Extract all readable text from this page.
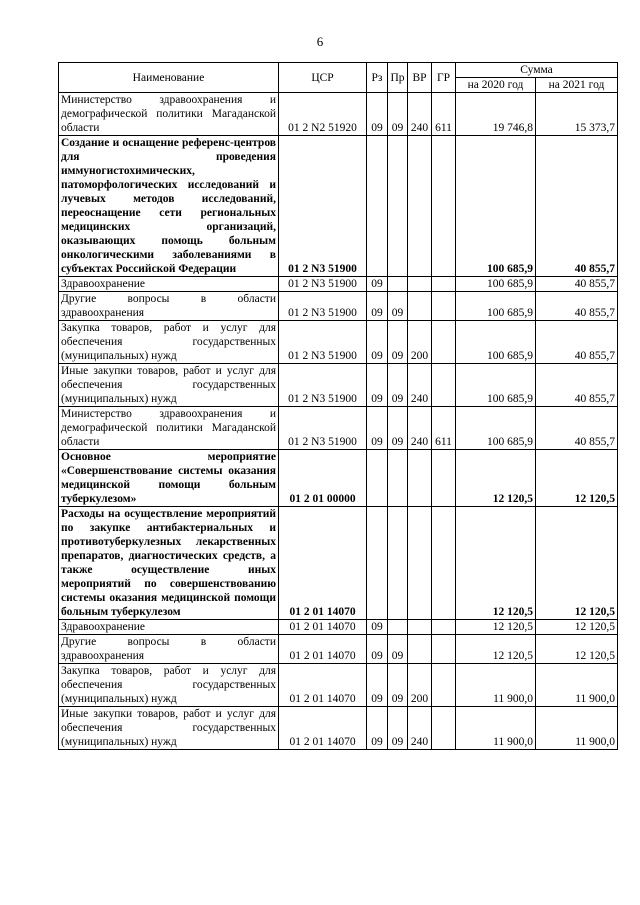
6
Наименование	ЦСР	Рз	Пр	ВР	ГР	Сумма	
						на 2020 год	на 2021 год
Министерство здравоохранения и демографической политики Магаданской области	01 2 N2 51920	09	09	240	611	19 746,8	15 373,7
Создание и оснащение референс-центров для проведения иммуногистохимических, патоморфологических исследований и лучевых методов исследований, переоснащение сети региональных медицинских организаций, оказывающих помощь больным онкологическими заболеваниями в субъектах Российской Федерации	01 2 N3 51900					100 685,9	40 855,7
Здравоохранение	01 2 N3 51900	09				100 685,9	40 855,7
Другие вопросы в области здравоохранения	01 2 N3 51900	09	09			100 685,9	40 855,7
Закупка товаров, работ и услуг для обеспечения государственных (муниципальных) нужд	01 2 N3 51900	09	09	200		100 685,9	40 855,7
Иные закупки товаров, работ и услуг для обеспечения государственных (муниципальных) нужд	01 2 N3 51900	09	09	240		100 685,9	40 855,7
Министерство здравоохранения и демографической политики Магаданской области	01 2 N3 51900	09	09	240	611	100 685,9	40 855,7
Основное мероприятие «Совершенствование системы оказания медицинской помощи больным туберкулезом»	01 2 01 00000					12 120,5	12 120,5
Расходы на осуществление мероприятий по закупке антибактериальных и противотуберкулезных лекарственных препаратов, диагностических средств, а также осуществление иных мероприятий по совершенствованию системы оказания медицинской помощи больным туберкулезом	01 2 01 14070					12 120,5	12 120,5
Здравоохранение	01 2 01 14070	09				12 120,5	12 120,5
Другие вопросы в области здравоохранения	01 2 01 14070	09	09			12 120,5	12 120,5
Закупка товаров, работ и услуг для обеспечения государственных (муниципальных) нужд	01 2 01 14070	09	09	200		11 900,0	11 900,0
Иные закупки товаров, работ и услуг для обеспечения государственных (муниципальных) нужд	01 2 01 14070	09	09	240		11 900,0	11 900,0
